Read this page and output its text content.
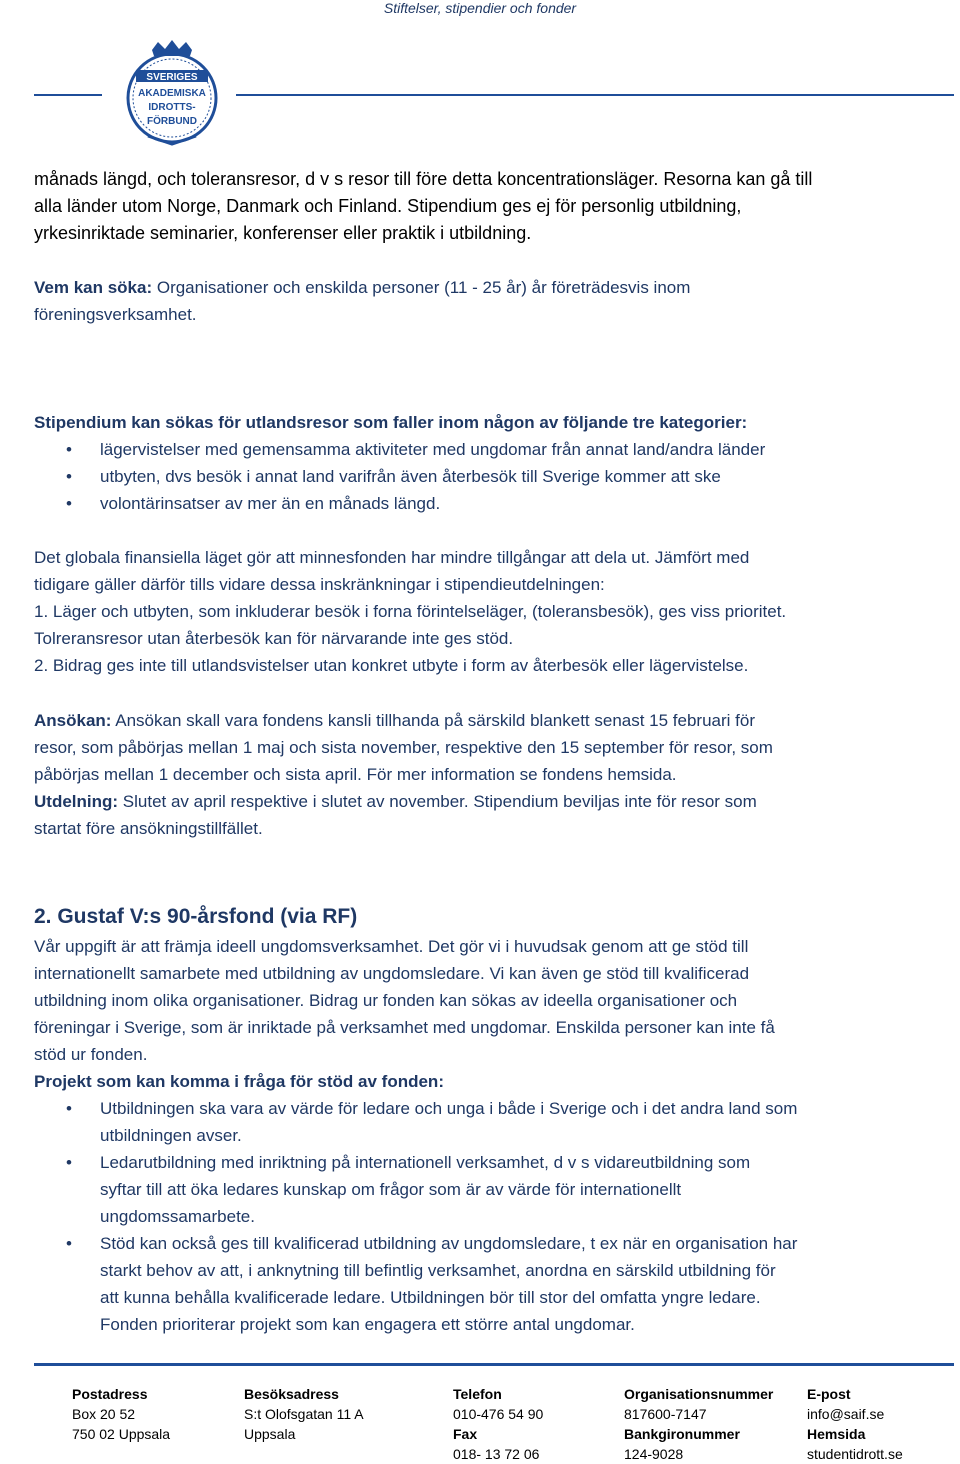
Stiftelser, stipendier och fonder
SVERIGES
AKADEMISKA
IDROTTS-
FÖRBUND
månads längd, och toleransresor, d v s resor till före detta koncentrationsläger. Resorna kan gå till
alla länder utom Norge, Danmark och Finland. Stipendium ges ej för personlig utbildning,
yrkesinriktade seminarier, konferenser eller praktik i utbildning.
Vem kan söka: Organisationer och enskilda personer (11 - 25 år) år företrädesvis inom
föreningsverksamhet.
Stipendium kan sökas för utlandsresor som faller inom någon av följande tre kategorier:
• lägervistelser med gemensamma aktiviteter med ungdomar från annat land/andra länder
• utbyten, dvs besök i annat land varifrån även återbesök till Sverige kommer att ske
• volontärinsatser av mer än en månads längd.
Det globala finansiella läget gör att minnesfonden har mindre tillgångar att dela ut. Jämfört med
tidigare gäller därför tills vidare dessa inskränkningar i stipendieutdelningen:
1. Läger och utbyten, som inkluderar besök i forna förintelseläger, (toleransbesök), ges viss prioritet.
Tolreransresor utan återbesök kan för närvarande inte ges stöd.
2. Bidrag ges inte till utlandsvistelser utan konkret utbyte i form av återbesök eller lägervistelse.
Ansökan: Ansökan skall vara fondens kansli tillhanda på särskild blankett senast 15 februari för
resor, som påbörjas mellan 1 maj och sista november, respektive den 15 september för resor, som
påbörjas mellan 1 december och sista april. För mer information se fondens hemsida.
Utdelning: Slutet av april respektive i slutet av november. Stipendium beviljas inte för resor som
startat före ansökningstillfället.
2. Gustaf V:s 90-årsfond (via RF)
Vår uppgift är att främja ideell ungdomsverksamhet. Det gör vi i huvudsak genom att ge stöd till
internationellt samarbete med utbildning av ungdomsledare. Vi kan även ge stöd till kvalificerad
utbildning inom olika organisationer. Bidrag ur fonden kan sökas av ideella organisationer och
föreningar i Sverige, som är inriktade på verksamhet med ungdomar. Enskilda personer kan inte få
stöd ur fonden.
Projekt som kan komma i fråga för stöd av fonden:
• Utbildningen ska vara av värde för ledare och unga i både i Sverige och i det andra land som
utbildningen avser.
• Ledarutbildning med inriktning på internationell verksamhet, d v s vidareutbildning som
syftar till att öka ledares kunskap om frågor som är av värde för internationellt
ungdomssamarbete.
• Stöd kan också ges till kvalificerad utbildning av ungdomsledare, t ex när en organisation har
starkt behov av att, i anknytning till befintlig verksamhet, anordna en särskild utbildning för
att kunna behålla kvalificerade ledare. Utbildningen bör till stor del omfatta yngre ledare.
Fonden prioriterar projekt som kan engagera ett större antal ungdomar.
Postadress
Box 20 52
750 02 Uppsala
Besöksadress
S:t Olofsgatan 11 A
Uppsala
Telefon
010-476 54 90
Fax
018- 13 72 06
Organisationsnummer
817600-7147
Bankgironummer
124-9028
E-post
info@saif.se
Hemsida
studentidrott.se
